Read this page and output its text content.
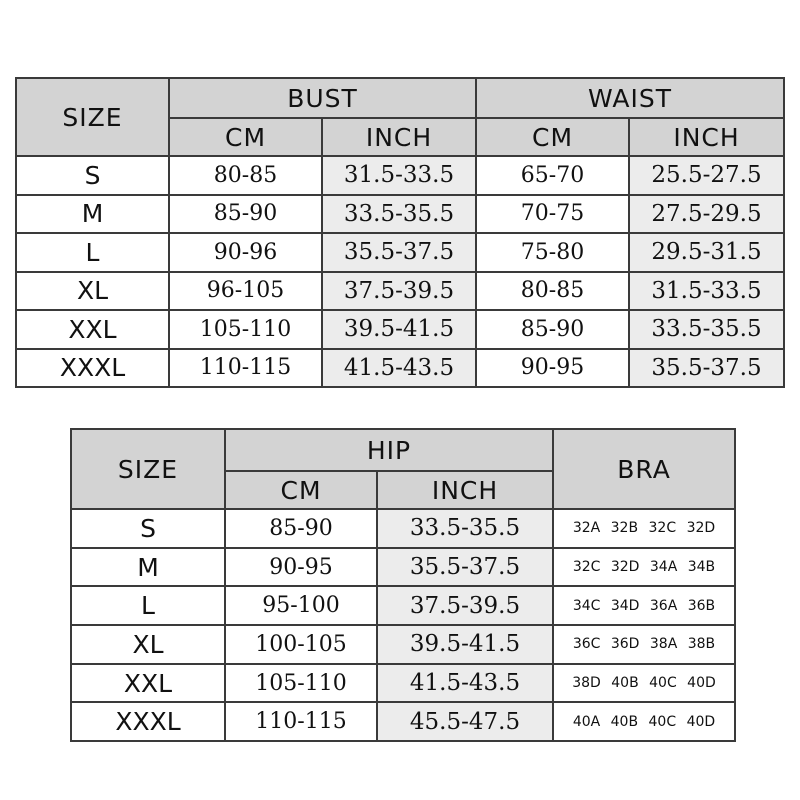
SIZE	BUST		WAIST	
	CM	INCH	CM	INCH
S	80-85	31.5-33.5	65-70	25.5-27.5
M	85-90	33.5-35.5	70-75	27.5-29.5
L	90-96	35.5-37.5	75-80	29.5-31.5
XL	96-105	37.5-39.5	80-85	31.5-33.5
XXL	105-110	39.5-41.5	85-90	33.5-35.5
XXXL	110-115	41.5-43.5	90-95	35.5-37.5
SIZE	HIP		BRA
	CM	INCH	
S	85-90	33.5-35.5	32A 32B 32C 32D
M	90-95	35.5-37.5	32C 32D 34A 34B
L	95-100	37.5-39.5	34C 34D 36A 36B
XL	100-105	39.5-41.5	36C 36D 38A 38B
XXL	105-110	41.5-43.5	38D 40B 40C 40D
XXXL	110-115	45.5-47.5	40A 40B 40C 40D
